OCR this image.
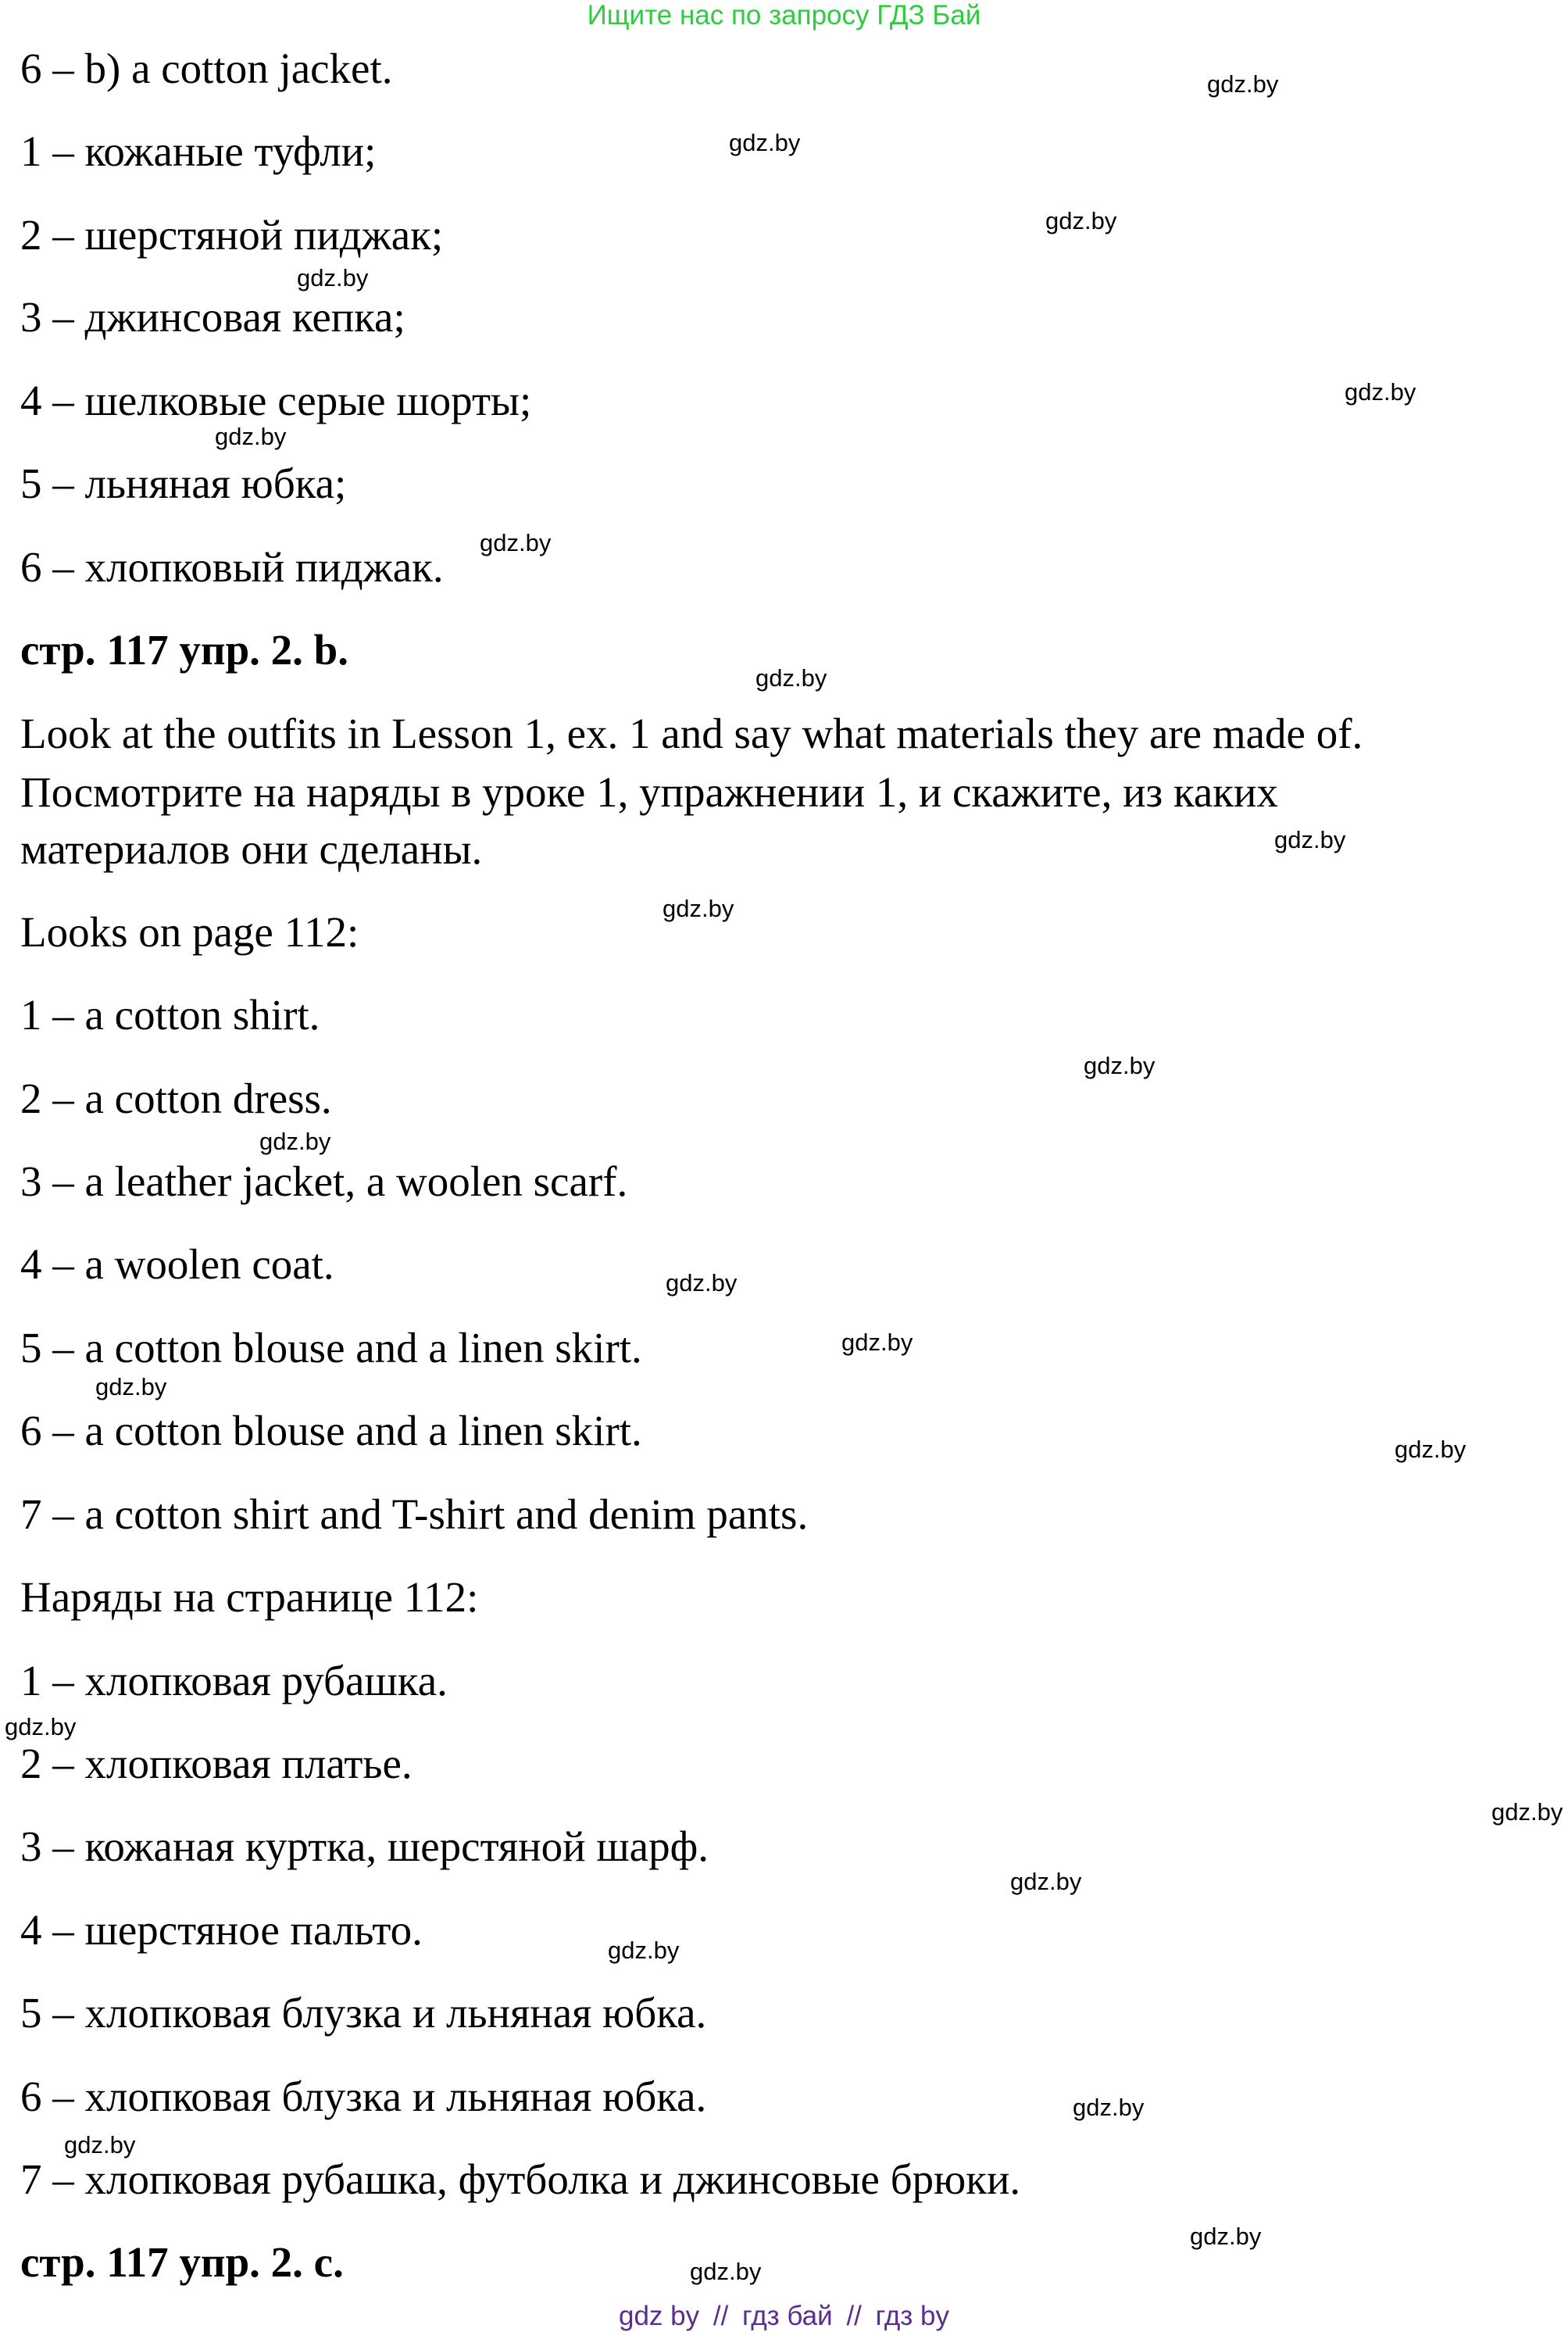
Ищите нас по запросу ГДЗ Бай
6 – b) a cotton jacket.
1 – кожаные туфли;
2 – шерстяной пиджак;
3 – джинсовая кепка;
4 – шелковые серые шорты;
5 – льняная юбка;
6 – хлопковый пиджак.
стр. 117 упр. 2. b.
Look at the outfits in Lesson 1, ex. 1 and say what materials they are made of.
Посмотрите на наряды в уроке 1, упражнении 1, и скажите, из каких
материалов они сделаны.
Looks on page 112:
1 – a cotton shirt.
2 – a cotton dress.
3 – a leather jacket, a woolen scarf.
4 – a woolen coat.
5 – a cotton blouse and a linen skirt.
6 – a cotton blouse and a linen skirt.
7 – a cotton shirt and T-shirt and denim pants.
Наряды на странице 112:
1 – хлопковая рубашка.
2 – хлопковая платье.
3 – кожаная куртка, шерстяной шарф.
4 – шерстяное пальто.
5 – хлопковая блузка и льняная юбка.
6 – хлопковая блузка и льняная юбка.
7 – хлопковая рубашка, футболка и джинсовые брюки.
стр. 117 упр. 2. c.
gdz.by
gdz.by
gdz.by
gdz.by
gdz.by
gdz.by
gdz.by
gdz.by
gdz.by
gdz.by
gdz.by
gdz.by
gdz.by
gdz.by
gdz.by
gdz.by
gdz.by
gdz.by
gdz.by
gdz.by
gdz.by
gdz.by
gdz.by
gdz.by
gdz by // гдз бай // гдз by
